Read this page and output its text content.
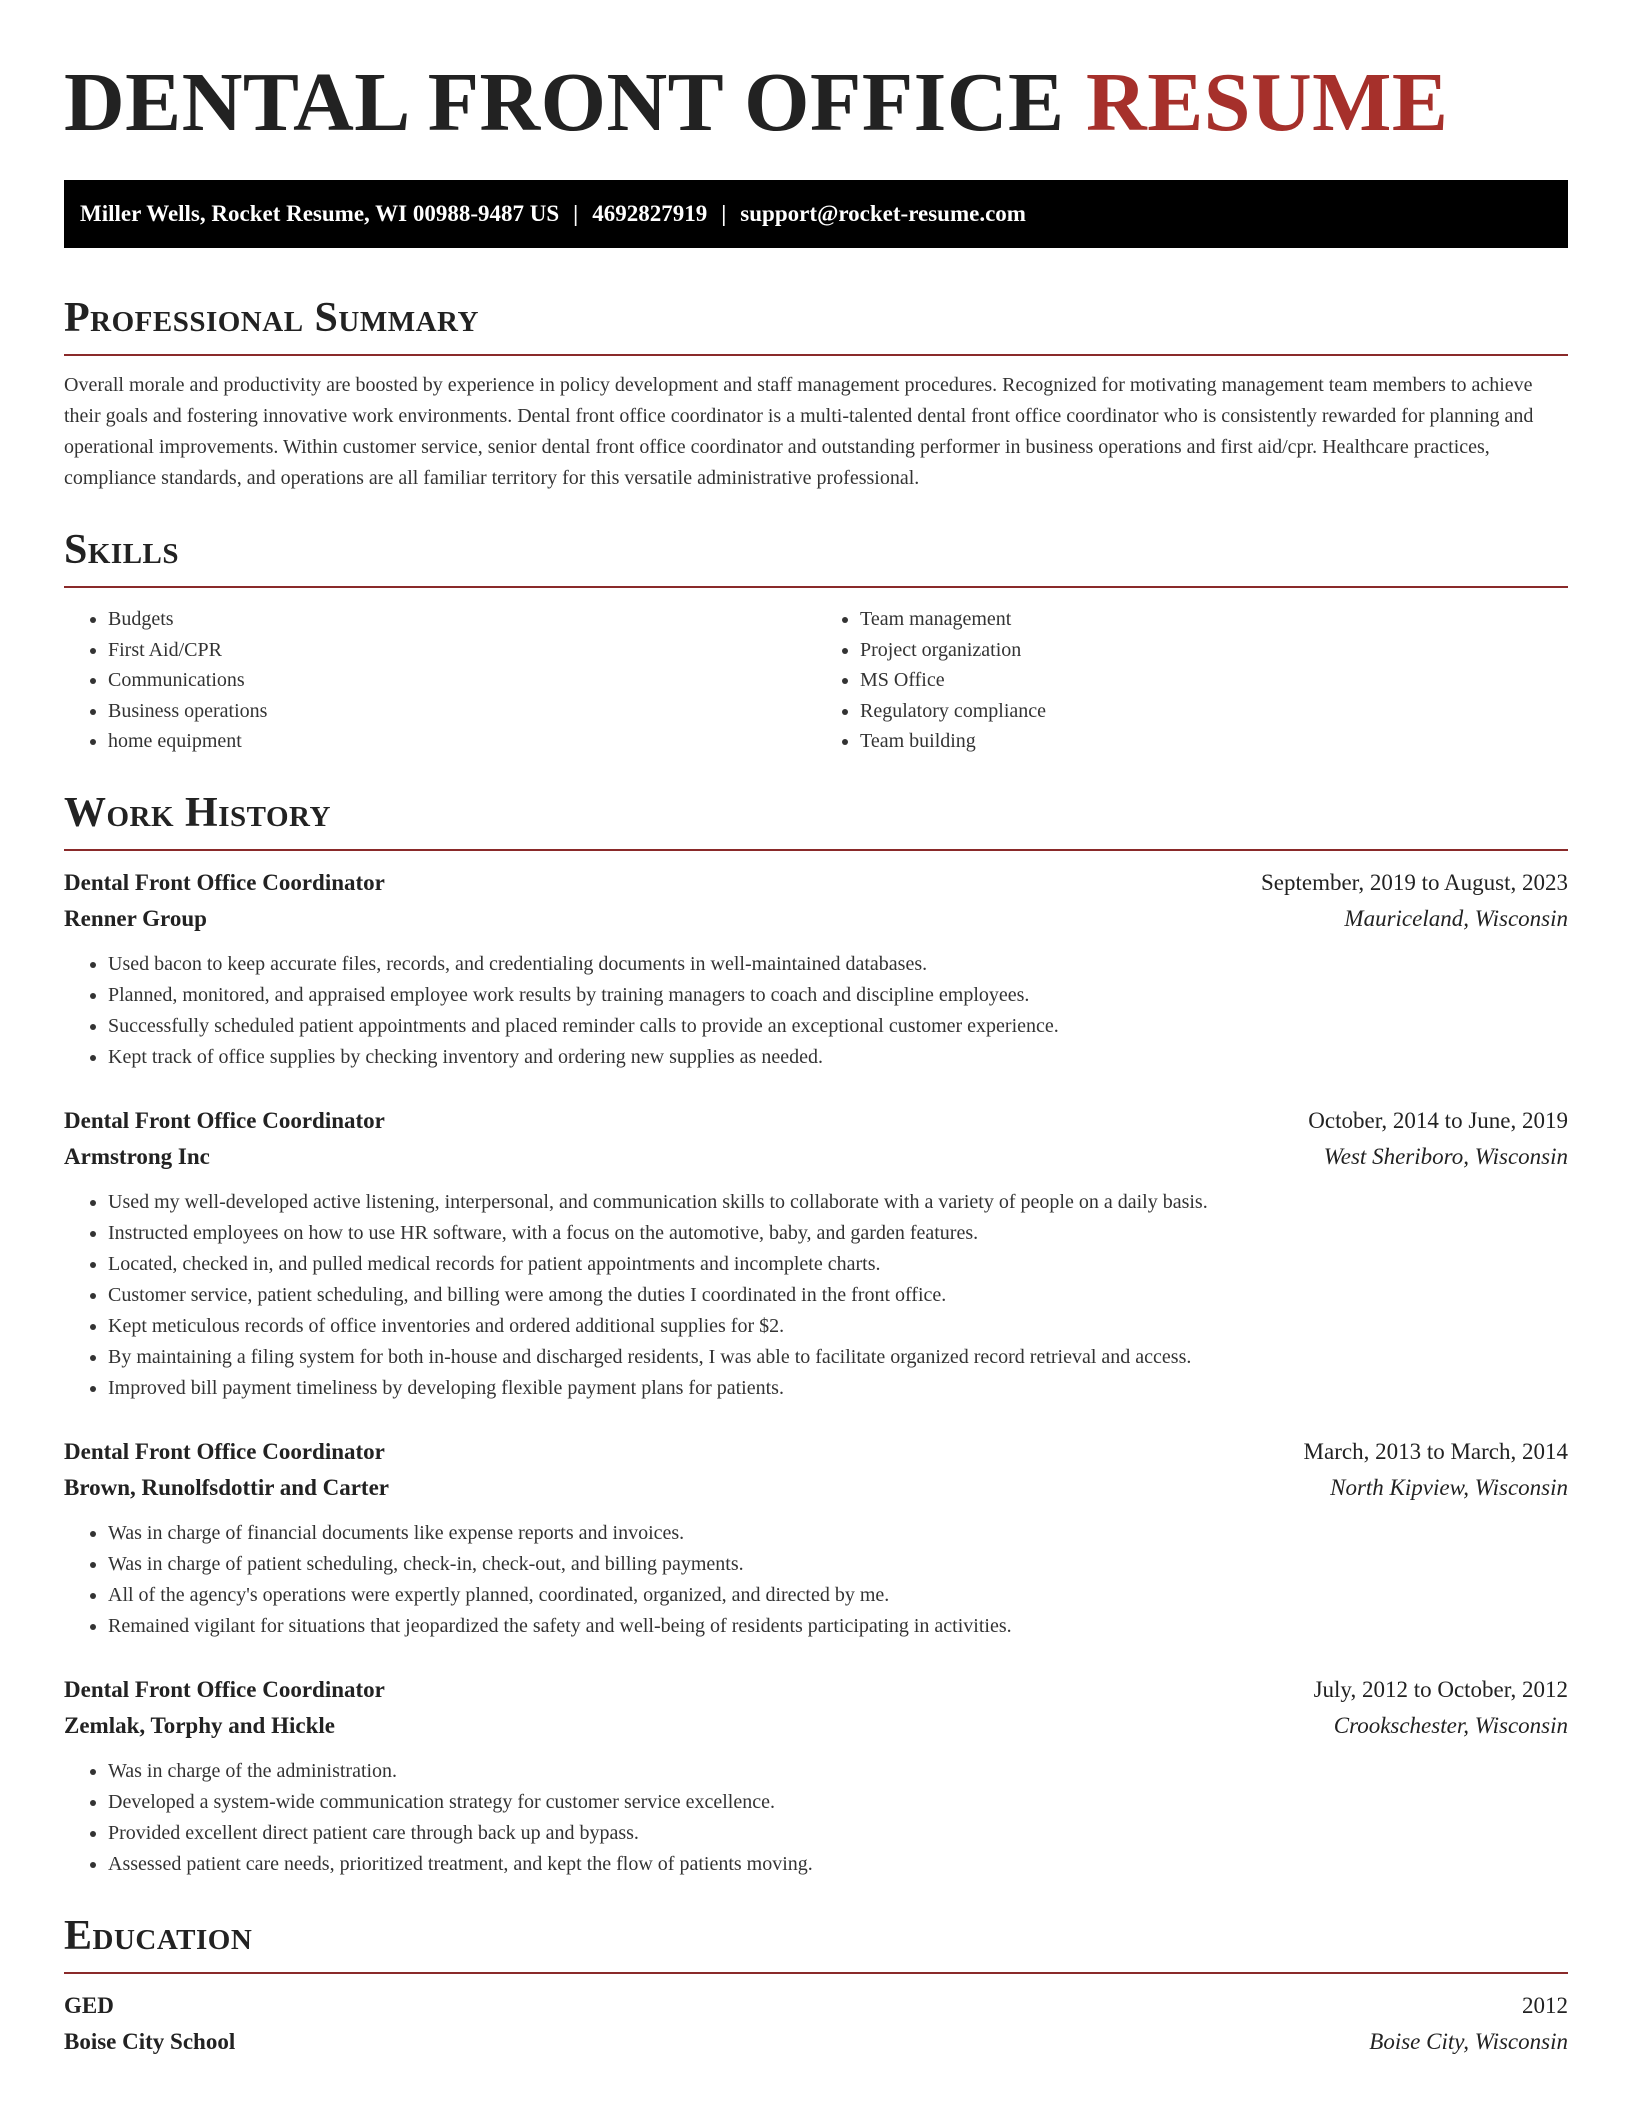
DENTAL FRONT OFFICE RESUME
Miller Wells, Rocket Resume, WI 00988-9487 US | 4692827919 | support@rocket-resume.com
Professional Summary

Overall morale and productivity are boosted by experience in policy development and staff management procedures. Recognized for motivating management team members to achieve their goals and fostering innovative work environments. Dental front office coordinator is a multi-talented dental front office coordinator who is consistently rewarded for planning and operational improvements. Within customer service, senior dental front office coordinator and outstanding performer in business operations and first aid/cpr. Healthcare practices, compliance standards, and operations are all familiar territory for this versatile administrative professional.

Skills
• Budgets
• First Aid/CPR
• Communications
• Business operations
• home equipment
• Team management
• Project organization
• MS Office
• Regulatory compliance
• Team building
Work History
Dental Front Office Coordinator	September, 2019 to August, 2023
Renner Group	Mauriceland, Wisconsin
• Used bacon to keep accurate files, records, and credentialing documents in well-maintained databases.
• Planned, monitored, and appraised employee work results by training managers to coach and discipline employees.
• Successfully scheduled patient appointments and placed reminder calls to provide an exceptional customer experience.
• Kept track of office supplies by checking inventory and ordering new supplies as needed.
Dental Front Office Coordinator	October, 2014 to June, 2019
Armstrong Inc	West Sheriboro, Wisconsin
• Used my well-developed active listening, interpersonal, and communication skills to collaborate with a variety of people on a daily basis.
• Instructed employees on how to use HR software, with a focus on the automotive, baby, and garden features.
• Located, checked in, and pulled medical records for patient appointments and incomplete charts.
• Customer service, patient scheduling, and billing were among the duties I coordinated in the front office.
• Kept meticulous records of office inventories and ordered additional supplies for $2.
• By maintaining a filing system for both in-house and discharged residents, I was able to facilitate organized record retrieval and access.
• Improved bill payment timeliness by developing flexible payment plans for patients.
Dental Front Office Coordinator	March, 2013 to March, 2014
Brown, Runolfsdottir and Carter	North Kipview, Wisconsin
• Was in charge of financial documents like expense reports and invoices.
• Was in charge of patient scheduling, check-in, check-out, and billing payments.
• All of the agency's operations were expertly planned, coordinated, organized, and directed by me.
• Remained vigilant for situations that jeopardized the safety and well-being of residents participating in activities.
Dental Front Office Coordinator	July, 2012 to October, 2012
Zemlak, Torphy and Hickle	Crookschester, Wisconsin
• Was in charge of the administration.
• Developed a system-wide communication strategy for customer service excellence.
• Provided excellent direct patient care through back up and bypass.
• Assessed patient care needs, prioritized treatment, and kept the flow of patients moving.
Education
GED	2012
Boise City School	Boise City, Wisconsin
